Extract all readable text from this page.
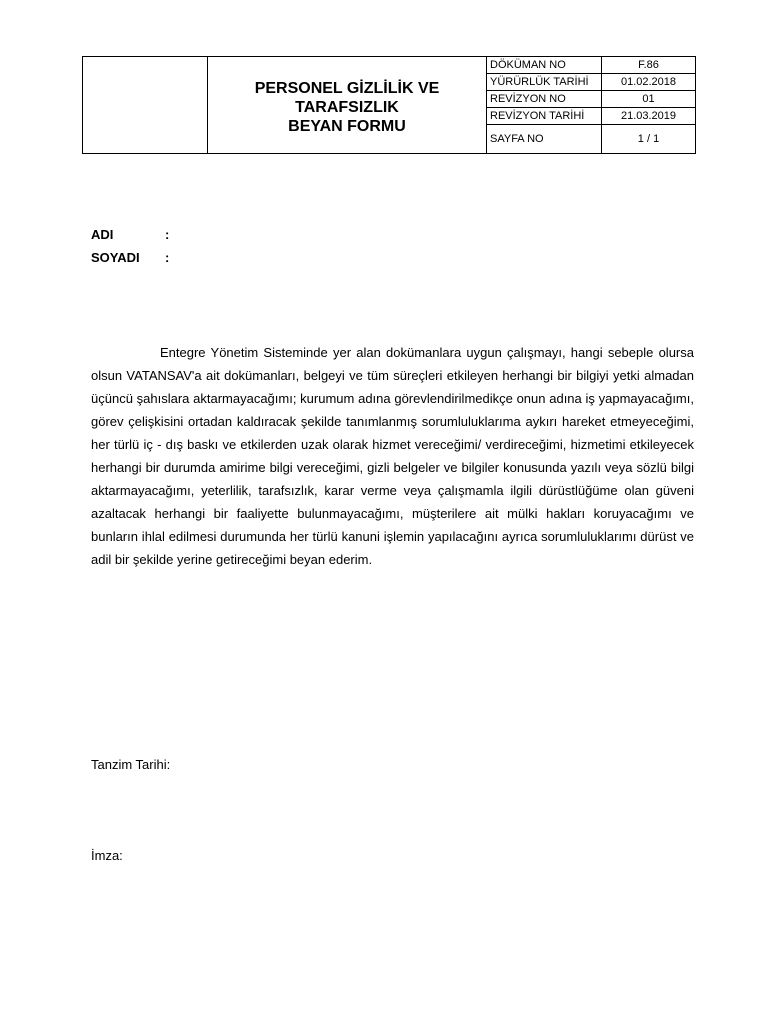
PERSONEL GİZLİLİK VE
TARAFSIZLIK
BEYAN FORMU
DÖKÜMAN NO	F.86
YÜRÜRLÜK TARİHİ	01.02.2018
REVİZYON NO	01
REVİZYON TARİHİ	21.03.2019
SAYFA NO	1 / 1
ADI	:
SOYADI :

Entegre Yönetim Sisteminde yer alan dokümanlara uygun çalışmayı, hangi sebeple olursa olsun VATANSAV'a ait dokümanları, belgeyi ve tüm süreçleri etkileyen herhangi bir bilgiyi yetki almadan üçüncü şahıslara aktarmayacağımı; kurumum adına görevlendirilmedikçe onun adına iş yapmayacağımı, görev çelişkisini ortadan kaldıracak şekilde tanımlanmış sorumluluklarıma aykırı hareket etmeyeceğimi, her türlü iç - dış baskı ve etkilerden uzak olarak hizmet vereceğimi/ verdireceğimi, hizmetimi etkileyecek herhangi bir durumda amirime bilgi vereceğimi, gizli belgeler ve bilgiler konusunda yazılı veya sözlü bilgi aktarmayacağımı, yeterlilik, tarafsızlık, karar verme veya çalışmamla ilgili dürüstlüğüme olan güveni azaltacak herhangi bir faaliyette bulunmayacağımı, müşterilere ait mülki hakları koruyacağımı ve bunların ihlal edilmesi durumunda her türlü kanuni işlemin yapılacağını ayrıca sorumluluklarımı dürüst ve adil bir şekilde yerine getireceğimi beyan ederim.

Tanzim Tarihi:
İmza:
